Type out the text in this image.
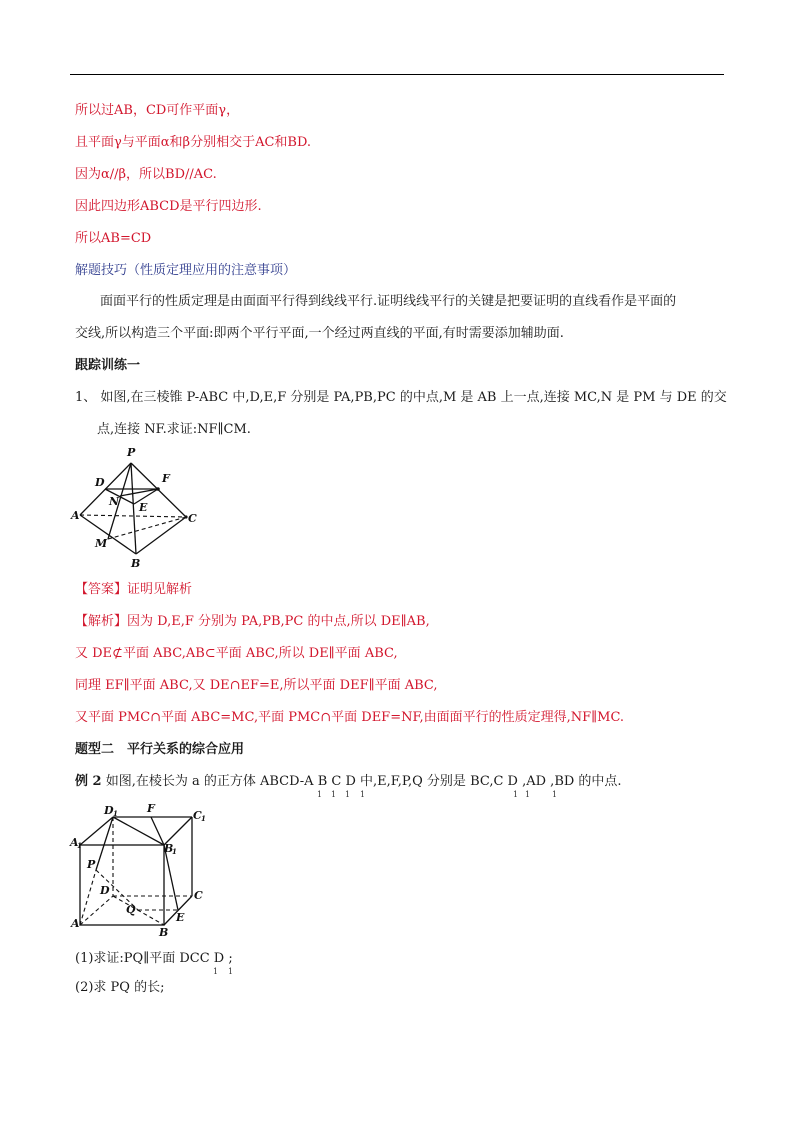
所以过AB，CD可作平面γ，
且平面γ与平面α和β分别相交于AC和BD.
因为α//β，所以BD//AC.
因此四边形ABCD是平行四边形.
所以AB=CD
解题技巧（性质定理应用的注意事项）
面面平行的性质定理是由面面平行得到线线平行.证明线线平行的关键是把要证明的直线看作是平面的
交线,所以构造三个平面:即两个平行平面,一个经过两直线的平面,有时需要添加辅助面.
跟踪训练一
1、 如图,在三棱锥 P-ABC 中,D,E,F 分别是 PA,PB,PC 的中点,M 是 AB 上一点,连接 MC,N 是 PM 与 DE 的交
点,连接 NF.求证:NF∥CM.
P
D	F
N E
A	C
M
B
【答案】证明见解析
【解析】因为 D,E,F 分别为 PA,PB,PC 的中点,所以 DE∥AB,
又 DE⊄平面 ABC,AB⊂平面 ABC,所以 DE∥平面 ABC,
同理 EF∥平面 ABC,又 DE∩EF=E,所以平面 DEF∥平面 ABC,
又平面 PMC∩平面 ABC=MC,平面 PMC∩平面 DEF=NF,由面面平行的性质定理得,NF∥MC.
题型二　平行关系的综合应用
例 2 如图,在棱长为 a 的正方体 ABCD-A B C D 中,E,F,P,Q 分别是 BC,C D ,AD ,BD 的中点.
1 1 1 1	1 1	1
D 1	F
C 1
A
1	B
1
P
D	C
Q
E
A
B
(1)求证:PQ∥平面 DCC D ;
1 1
(2)求 PQ 的长;
